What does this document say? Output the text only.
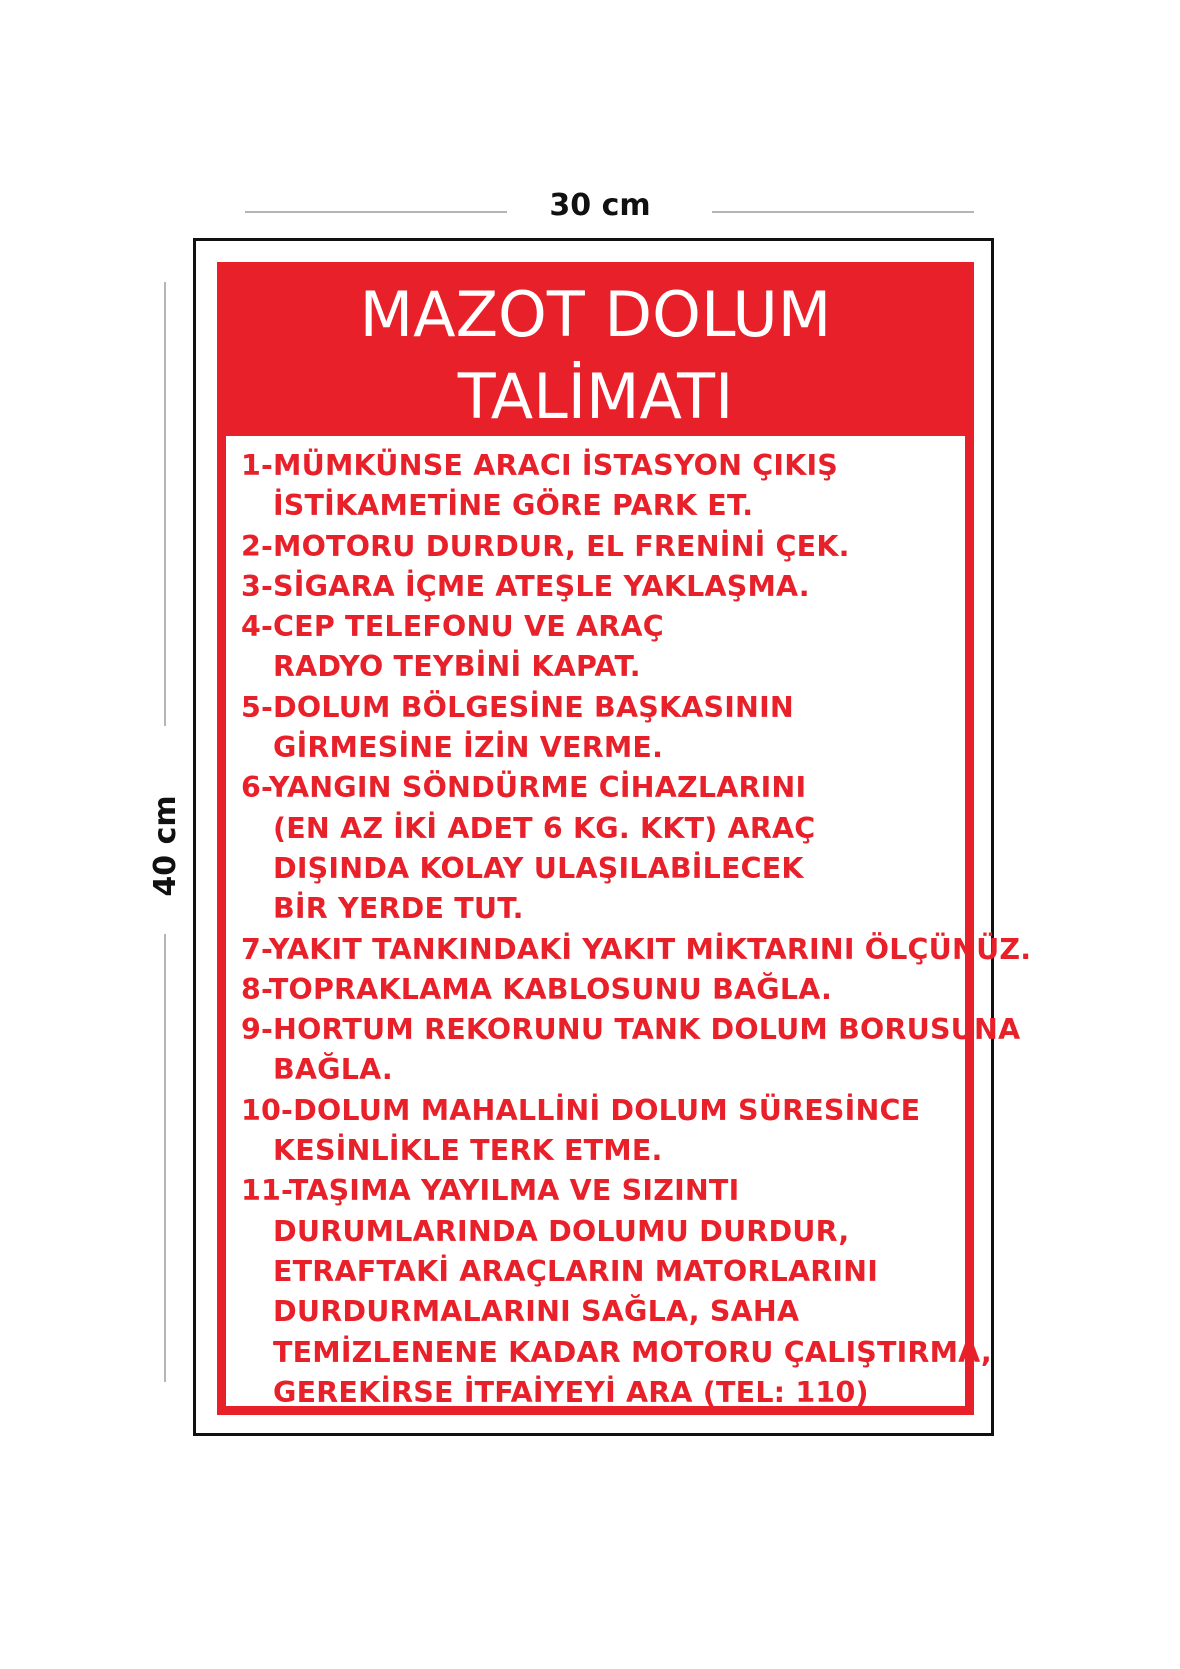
30 cm
40 cm
MAZOT DOLUM
TALİMATI
1-MÜMKÜNSE ARACI İSTASYON ÇIKIŞ
İSTİKAMETİNE GÖRE PARK ET.
2-MOTORU DURDUR, EL FRENİNİ ÇEK.
3-SİGARA İÇME ATEŞLE YAKLAŞMA.
4-CEP TELEFONU VE ARAÇ
RADYO TEYBİNİ KAPAT.
5-DOLUM BÖLGESİNE BAŞKASININ
GİRMESİNE İZİN VERME.
6-YANGIN SÖNDÜRME CİHAZLARINI
(EN AZ İKİ ADET 6 KG. KKT) ARAÇ
DIŞINDA KOLAY ULAŞILABİLECEK
BİR YERDE TUT.
7-YAKIT TANKINDAKİ YAKIT MİKTARINI ÖLÇÜNÜZ.
8-TOPRAKLAMA KABLOSUNU BAĞLA.
9-HORTUM REKORUNU TANK DOLUM BORUSUNA
BAĞLA.
10-DOLUM MAHALLİNİ DOLUM SÜRESİNCE
KESİNLİKLE TERK ETME.
11-TAŞIMA YAYILMA VE SIZINTI
DURUMLARINDA DOLUMU DURDUR,
ETRAFTAKİ ARAÇLARIN MATORLARINI
DURDURMALARINI SAĞLA, SAHA
TEMİZLENENE KADAR MOTORU ÇALIŞTIRMA,
GEREKİRSE İTFAİYEYİ ARA (TEL: 110)
